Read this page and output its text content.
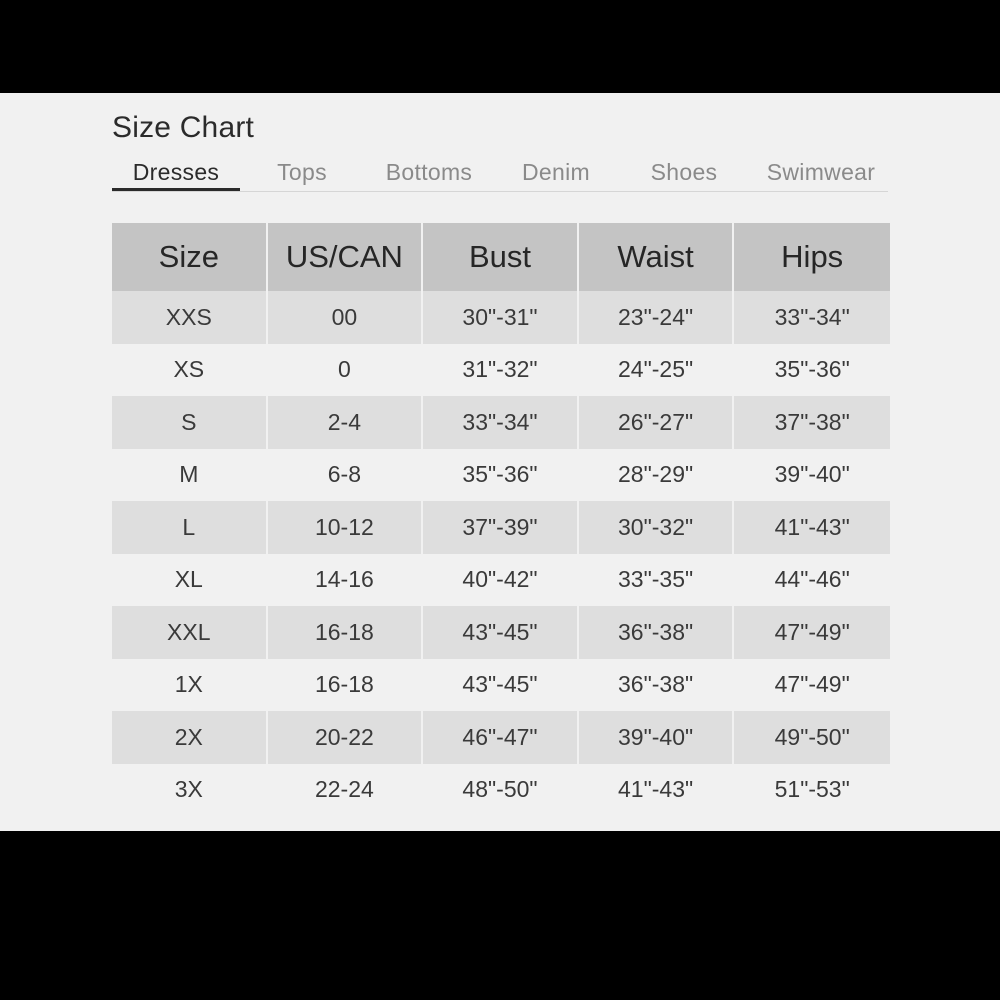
Size Chart
Dresses	Tops	Bottoms	Denim	Shoes	Swimwear
Size	US/CAN	Bust	Waist	Hips
XXS	00	30"-31"	23"-24"	33"-34"
XS	0	31"-32"	24"-25"	35"-36"
S	2-4	33"-34"	26"-27"	37"-38"
M	6-8	35"-36"	28"-29"	39"-40"
L	10-12	37"-39"	30"-32"	41"-43"
XL	14-16	40"-42"	33"-35"	44"-46"
XXL	16-18	43"-45"	36"-38"	47"-49"
1X	16-18	43"-45"	36"-38"	47"-49"
2X	20-22	46"-47"	39"-40"	49"-50"
3X	22-24	48"-50"	41"-43"	51"-53"
